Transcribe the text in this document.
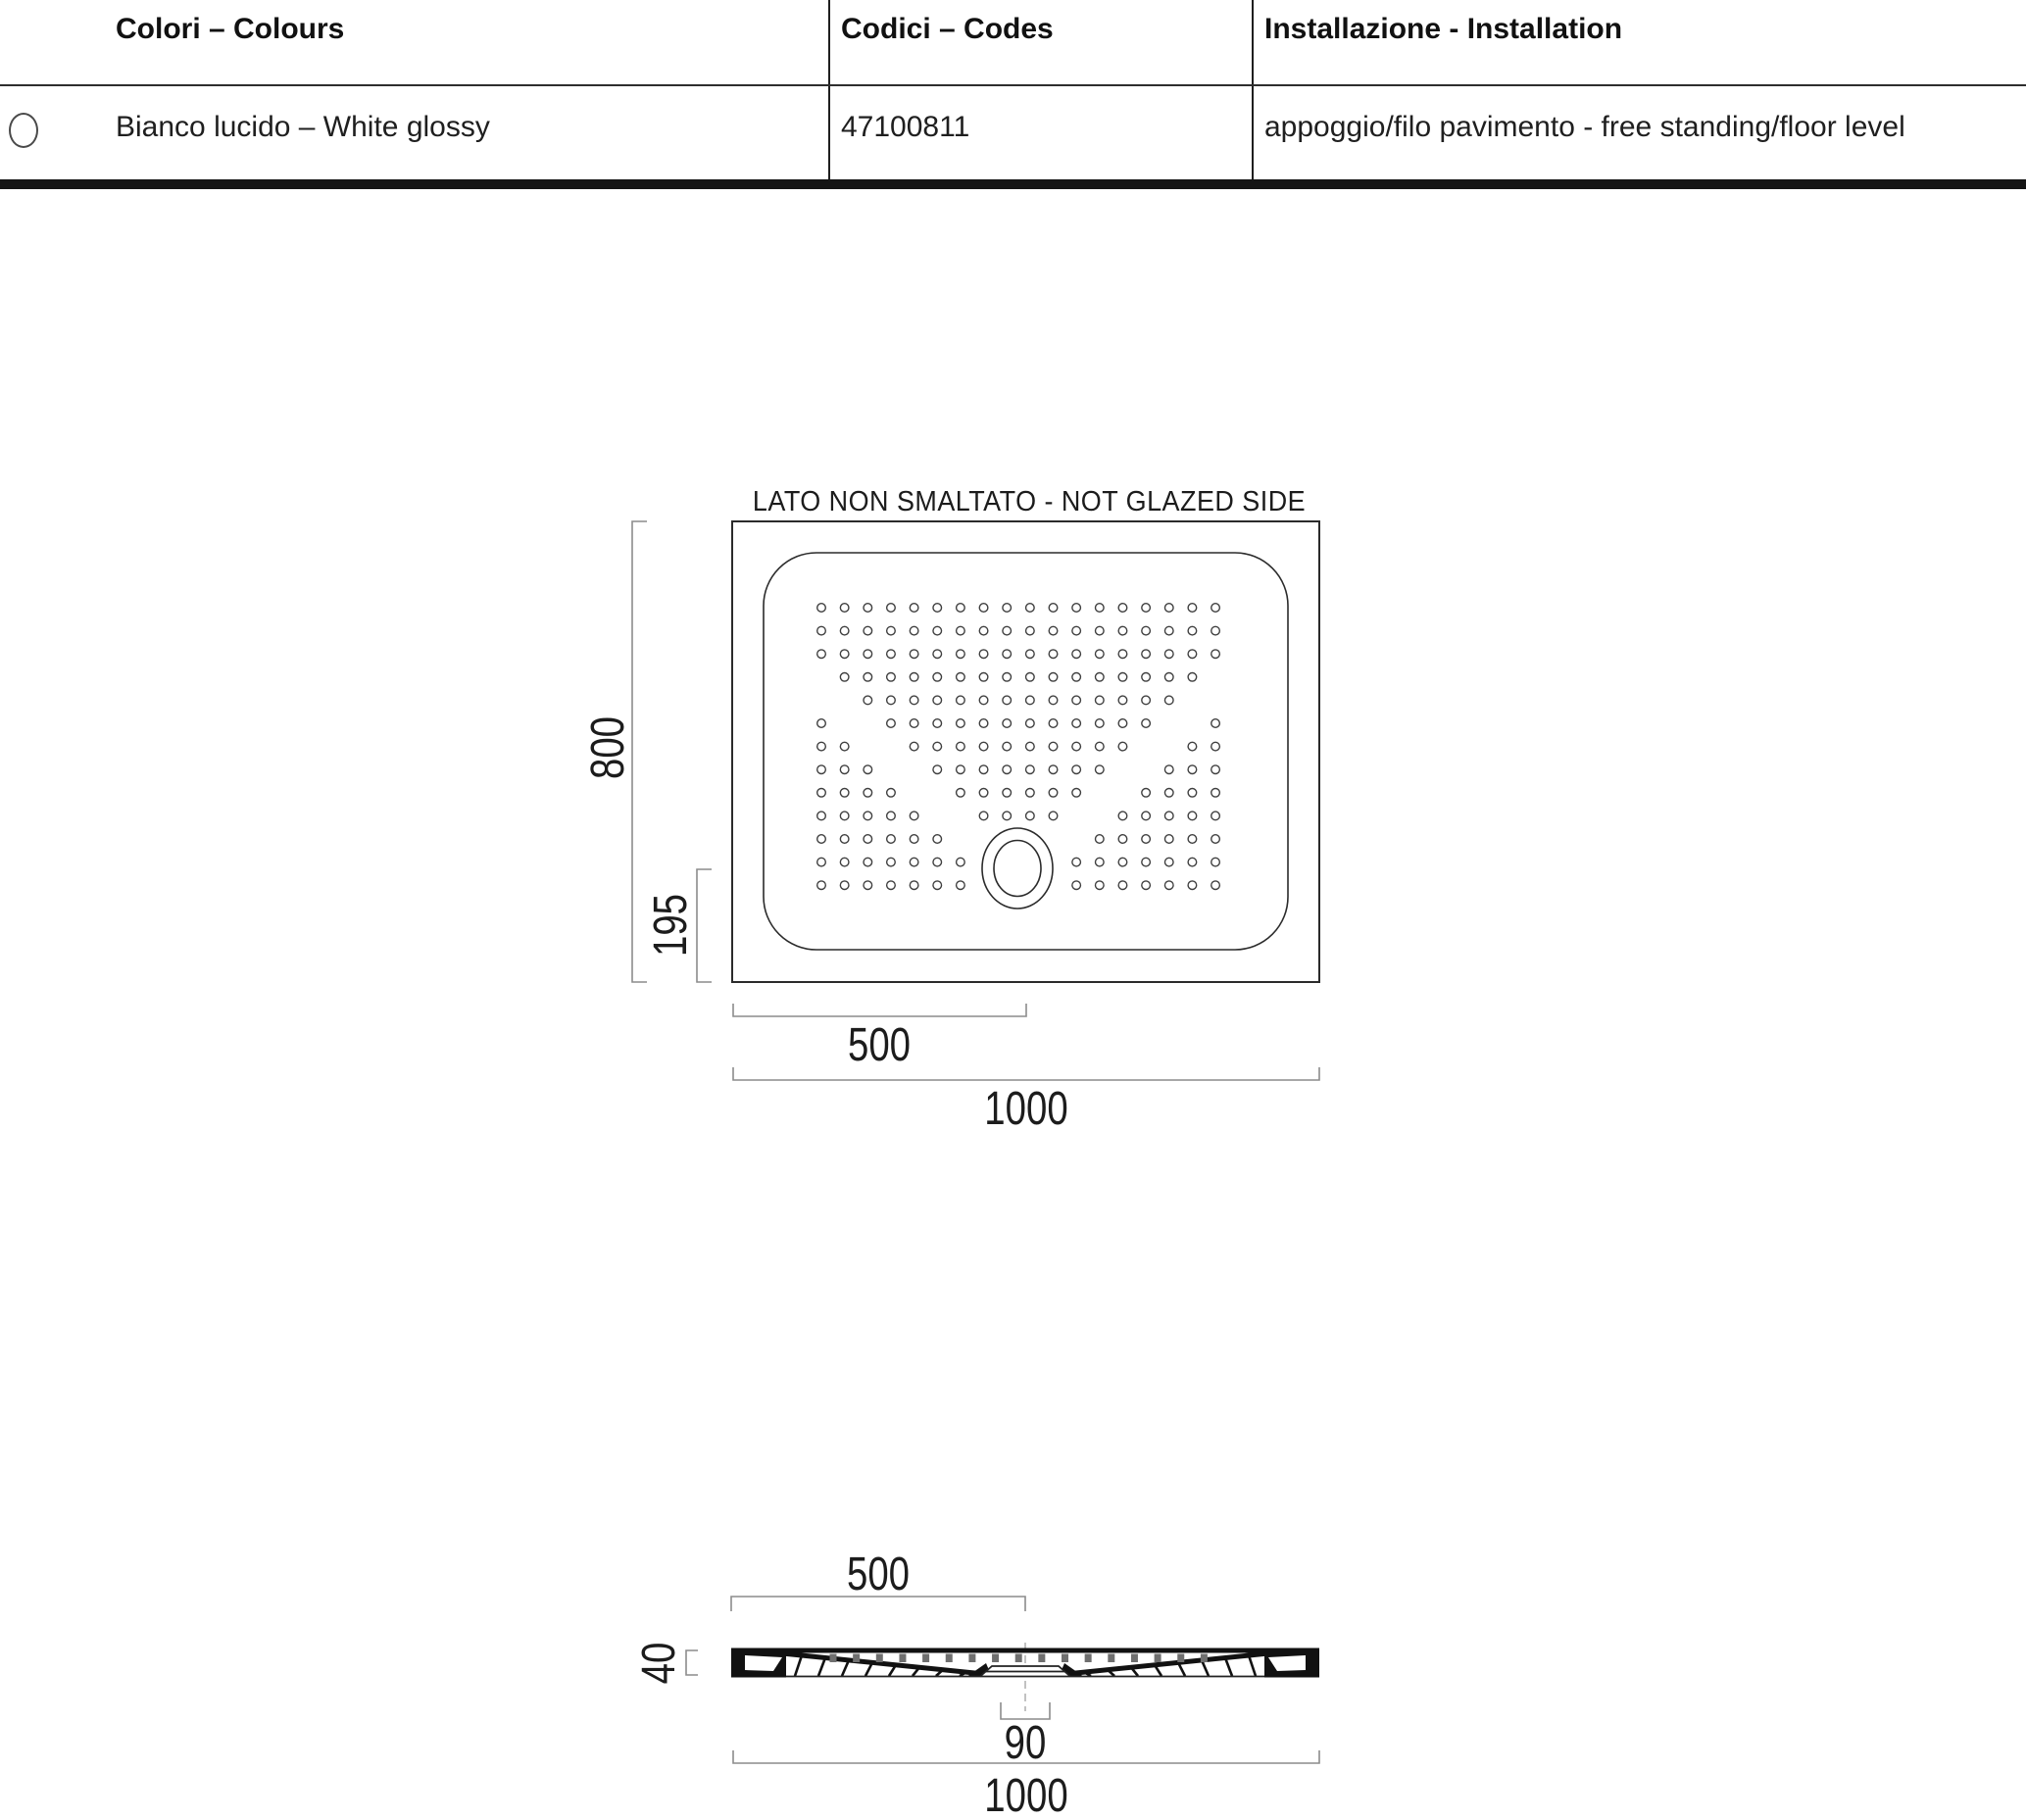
Colori – Colours	Codici – Codes	Installazione - Installation
Bianco lucido – White glossy	47100811	appoggio/filo pavimento - free standing/floor level
LATO NON SMALTATO - NOT GLAZED SIDE
800
195
500
1000
500
40
90
1000
